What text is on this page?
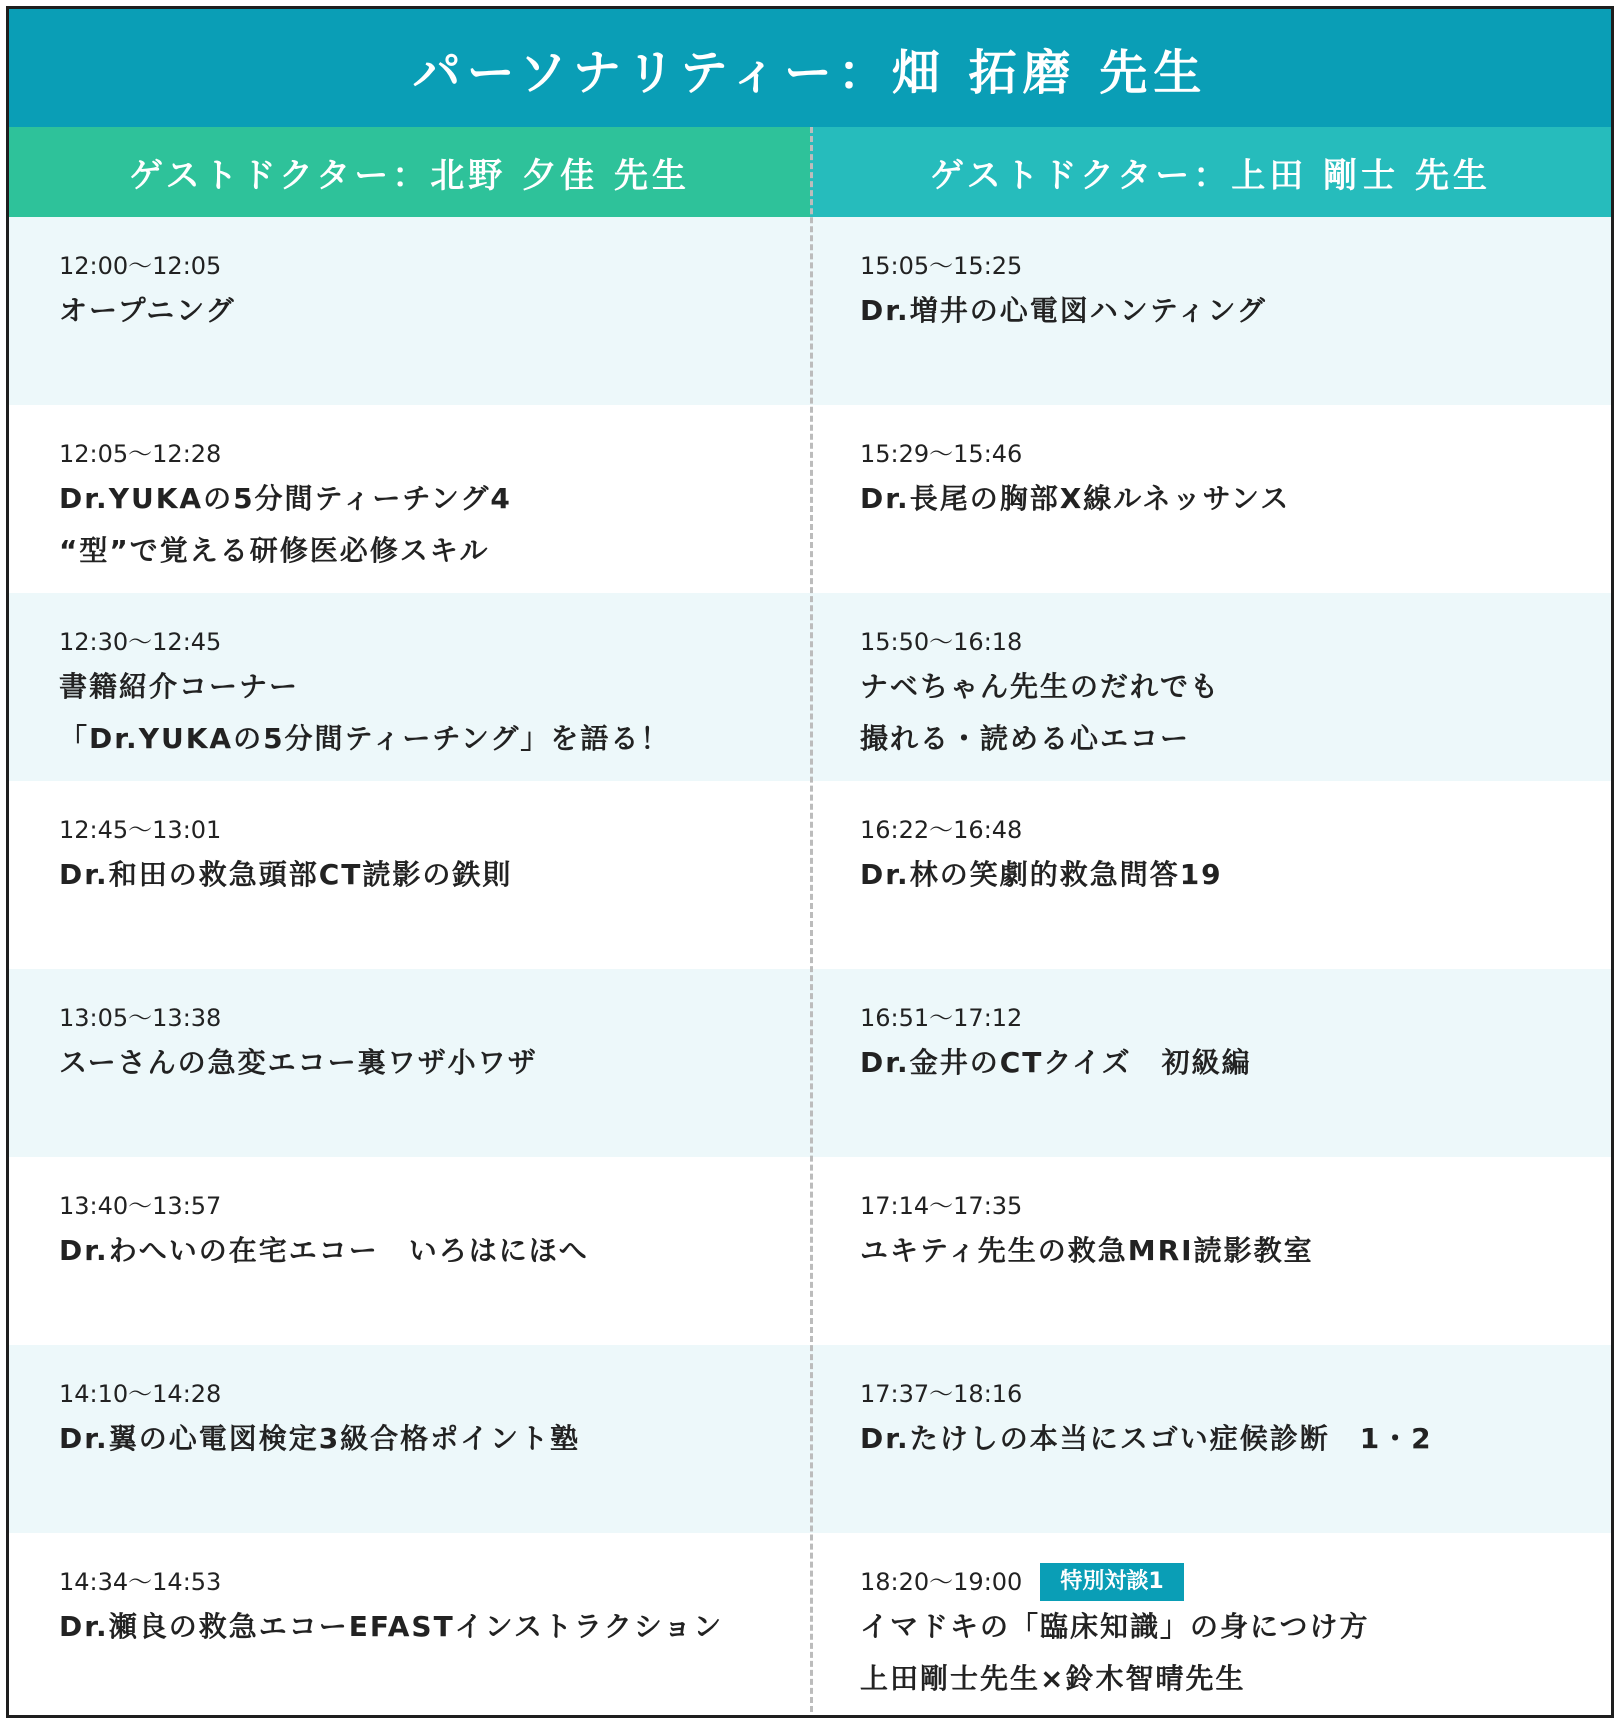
パーソナリティー：畑 拓磨 先生
ゲストドクター：北野 夕佳 先生
12:00〜12:05
オープニング
12:05〜12:28
Dr.YUKAの5分間ティーチング4
“型”で覚える研修医必修スキル
12:30〜12:45
書籍紹介コーナー
「Dr.YUKAの5分間ティーチング」を語る！
12:45〜13:01
Dr.和田の救急頭部CT読影の鉄則
13:05〜13:38
スーさんの急変エコー裏ワザ小ワザ
13:40〜13:57
Dr.わへいの在宅エコー　いろはにほへ
14:10〜14:28
Dr.翼の心電図検定3級合格ポイント塾
14:34〜14:53
Dr.瀬良の救急エコーEFASTインストラクション
ゲストドクター：上田 剛士 先生
15:05〜15:25
Dr.増井の心電図ハンティング
15:29〜15:46
Dr.長尾の胸部X線ルネッサンス
15:50〜16:18
ナベちゃん先生のだれでも
撮れる・読める心エコー
16:22〜16:48
Dr.林の笑劇的救急問答19
16:51〜17:12
Dr.金井のCTクイズ　初級編
17:14〜17:35
ユキティ先生の救急MRI読影教室
17:37〜18:16
Dr.たけしの本当にスゴい症候診断　1・2
18:20〜19:00	特別対談1
イマドキの「臨床知識」の身につけ方
上田剛士先生×鈴木智晴先生
